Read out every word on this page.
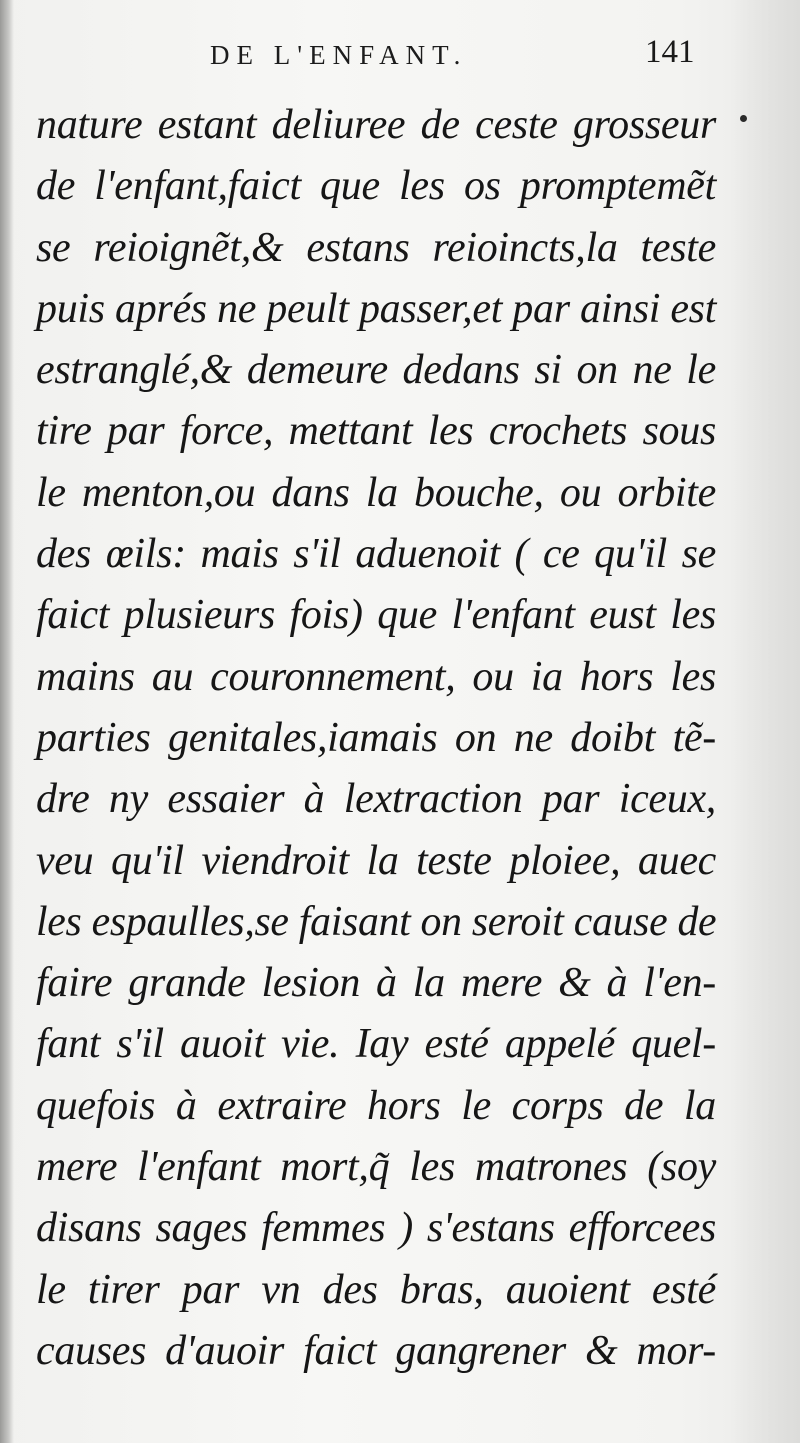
DE L'ENFANT.	141
nature estant deliuree de ceste grosseur
de l'enfant,faict que les os promptemẽt
se reioignẽt,& estans reioincts,la teste
puis aprés ne peult passer,et par ainsi est
estranglé,& demeure dedans si on ne le
tire par force, mettant les crochets sous
le menton,ou dans la bouche, ou orbite
des œils: mais s'il aduenoit ( ce qu'il se
faict plusieurs fois) que l'enfant eust les
mains au couronnement, ou ia hors les
parties genitales,iamais on ne doibt tẽ-
dre ny essaier à lextraction par iceux,
veu qu'il viendroit la teste ploiee, auec
les espaulles,se faisant on seroit cause de
faire grande lesion à la mere & à l'en-
fant s'il auoit vie. Iay esté appelé quel-
quefois à extraire hors le corps de la
mere l'enfant mort,q̃ les matrones (soy
disans sages femmes ) s'estans efforcees
le tirer par vn des bras, auoient esté
causes d'auoir faict gangrener & mor-
